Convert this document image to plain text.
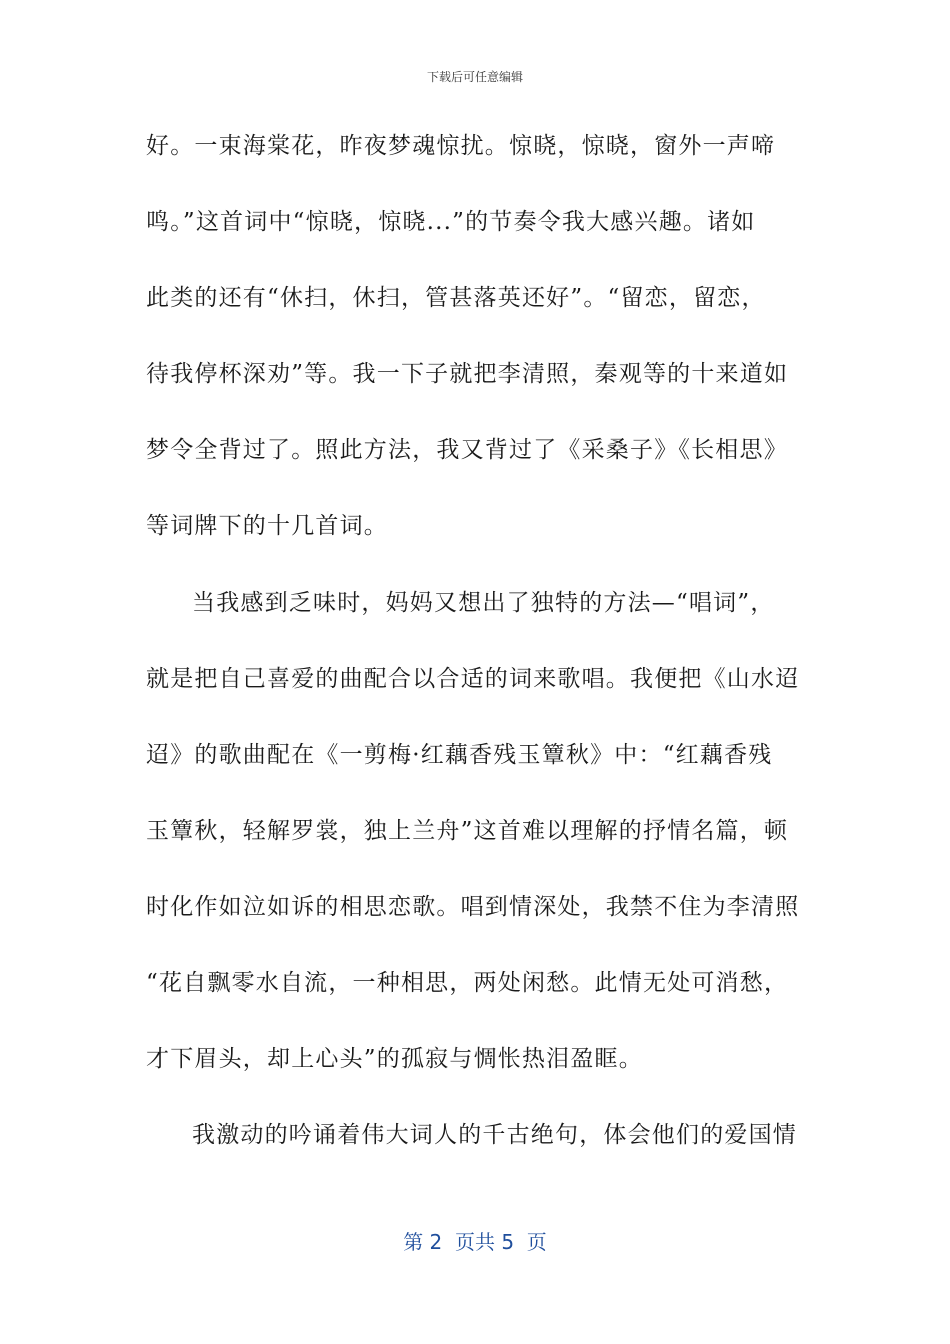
下载后可任意编辑
好。一束海棠花，昨夜梦魂惊扰。惊晓，惊晓，窗外一声啼
鸣。”这首词中“惊晓，惊晓...”的节奏令我大感兴趣。诸如
此类的还有“休扫，休扫，管甚落英还好”。“留恋，留恋，
待我停杯深劝”等。我一下子就把李清照，秦观等的十来道如
梦令全背过了。照此方法，我又背过了《采桑子》《长相思》
等词牌下的十几首词。
当我感到乏味时，妈妈又想出了独特的方法—“唱词”，
就是把自己喜爱的曲配合以合适的词来歌唱。我便把《山水迢
迢》的歌曲配在《一剪梅·红藕香残玉簟秋》中：“红藕香残
玉簟秋，轻解罗裳，独上兰舟”这首难以理解的抒情名篇，顿
时化作如泣如诉的相思恋歌。唱到情深处，我禁不住为李清照
“花自飘零水自流，一种相思，两处闲愁。此情无处可消愁，
才下眉头，却上心头”的孤寂与惆怅热泪盈眶。
我激动的吟诵着伟大词人的千古绝句，体会他们的爱国情
第 2  页共 5  页
